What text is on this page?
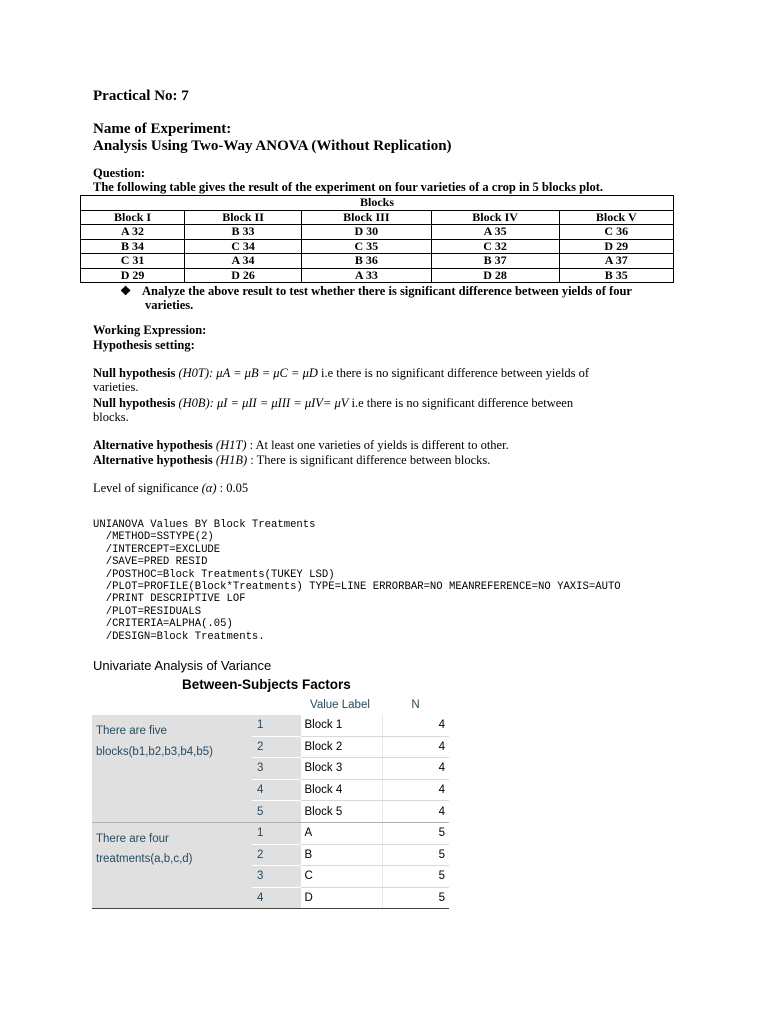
Practical No: 7
Name of Experiment:
Analysis Using Two-Way ANOVA (Without Replication)
Question:
The following table gives the result of the experiment on four varieties of a crop in 5 blocks plot.
Blocks				
Block I	Block II	Block III	Block IV	Block V
A 32	B 33	D 30	A 35	C 36
B 34	C 34	C 35	C 32	D 29
C 31	A 34	B 36	B 37	A 37
D 29	D 26	A 33	D 28	B 35
❖ Analyze the above result to test whether there is significant difference between yields of four
varieties.
Working Expression:
Hypothesis setting:
Null hypothesis (H0T): μA = μB = μC = μD i.e there is no significant difference between yields of
varieties.
Null hypothesis (H0B): μI = μII = μIII = μIV= μV i.e there is no significant difference between
blocks.
Alternative hypothesis (H1T) : At least one varieties of yields is different to other.
Alternative hypothesis (H1B) : There is significant difference between blocks.
Level of significance (α) : 0.05
UNIANOVA Values BY Block Treatments
/METHOD=SSTYPE(2)
/INTERCEPT=EXCLUDE
/SAVE=PRED RESID
/POSTHOC=Block Treatments(TUKEY LSD)
/PLOT=PROFILE(Block*Treatments) TYPE=LINE ERRORBAR=NO MEANREFERENCE=NO YAXIS=AUTO
/PRINT DESCRIPTIVE LOF
/PLOT=RESIDUALS
/CRITERIA=ALPHA(.05)
/DESIGN=Block Treatments.
Univariate Analysis of Variance
Between-Subjects Factors
		Value Label	N

There are five
blocks(b1,b2,b3,b4,b5)	1	Block 1	4
	2	Block 2	4
	3	Block 3	4
	4	Block 4	4
	5	Block 5	4

There are four
treatments(a,b,c,d)	1	A	5
	2	B	5
	3	C	5
	4	D	5
